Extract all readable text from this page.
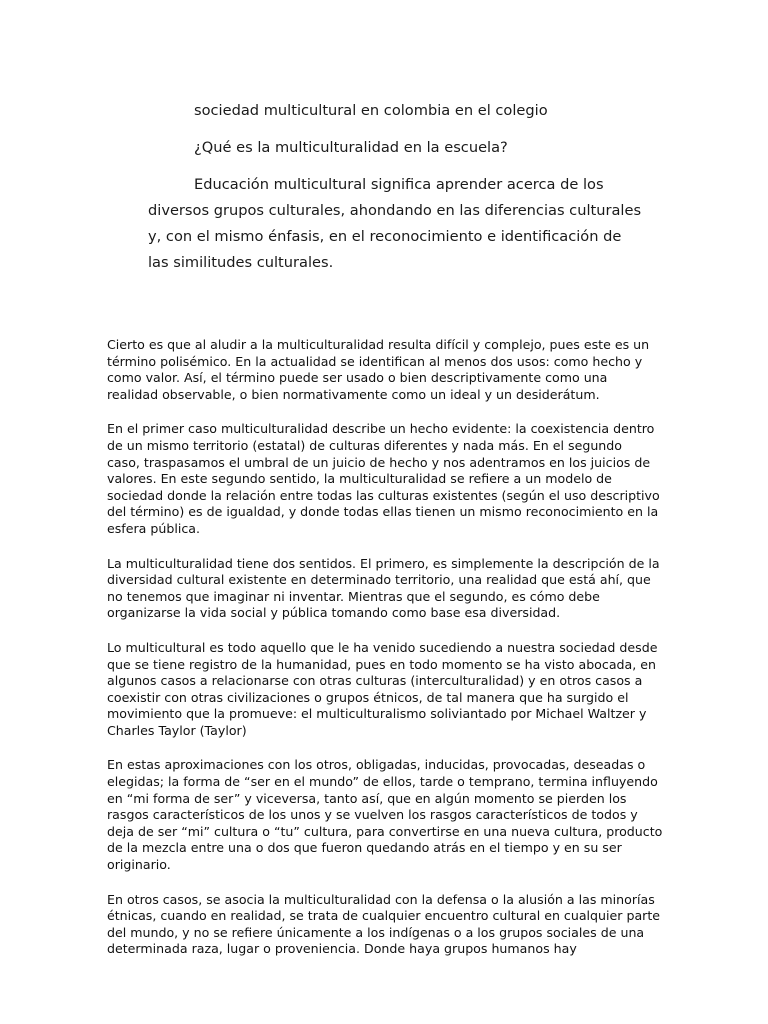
sociedad multicultural en colombia en el colegio
¿Qué es la multiculturalidad en la escuela?
Educación multicultural significa aprender acerca de los
diversos grupos culturales, ahondando en las diferencias culturales
y, con el mismo énfasis, en el reconocimiento e identificación de
las similitudes culturales.
Cierto es que al aludir a la multiculturalidad resulta difícil y complejo, pues este es un
término polisémico. En la actualidad se identifican al menos dos usos: como hecho y
como valor. Así, el término puede ser usado o bien descriptivamente como una
realidad observable, o bien normativamente como un ideal y un desiderátum.
En el primer caso multiculturalidad describe un hecho evidente: la coexistencia dentro
de un mismo territorio (estatal) de culturas diferentes y nada más. En el segundo
caso, traspasamos el umbral de un juicio de hecho y nos adentramos en los juicios de
valores. En este segundo sentido, la multiculturalidad se refiere a un modelo de
sociedad donde la relación entre todas las culturas existentes (según el uso descriptivo
del término) es de igualdad, y donde todas ellas tienen un mismo reconocimiento en la
esfera pública.
La multiculturalidad tiene dos sentidos. El primero, es simplemente la descripción de la
diversidad cultural existente en determinado territorio, una realidad que está ahí, que
no tenemos que imaginar ni inventar. Mientras que el segundo, es cómo debe
organizarse la vida social y pública tomando como base esa diversidad.
Lo multicultural es todo aquello que le ha venido sucediendo a nuestra sociedad desde
que se tiene registro de la humanidad, pues en todo momento se ha visto abocada, en
algunos casos a relacionarse con otras culturas (interculturalidad) y en otros casos a
coexistir con otras civilizaciones o grupos étnicos, de tal manera que ha surgido el
movimiento que la promueve: el multiculturalismo soliviantado por Michael Waltzer y
Charles Taylor (Taylor)
En estas aproximaciones con los otros, obligadas, inducidas, provocadas, deseadas o
elegidas; la forma de “ser en el mundo” de ellos, tarde o temprano, termina influyendo
en “mi forma de ser” y viceversa, tanto así, que en algún momento se pierden los
rasgos característicos de los unos y se vuelven los rasgos característicos de todos y
deja de ser “mi” cultura o “tu” cultura, para convertirse en una nueva cultura, producto
de la mezcla entre una o dos que fueron quedando atrás en el tiempo y en su ser
originario.
En otros casos, se asocia la multiculturalidad con la defensa o la alusión a las minorías
étnicas, cuando en realidad, se trata de cualquier encuentro cultural en cualquier parte
del mundo, y no se refiere únicamente a los indígenas o a los grupos sociales de una
determinada raza, lugar o proveniencia. Donde haya grupos humanos hay
